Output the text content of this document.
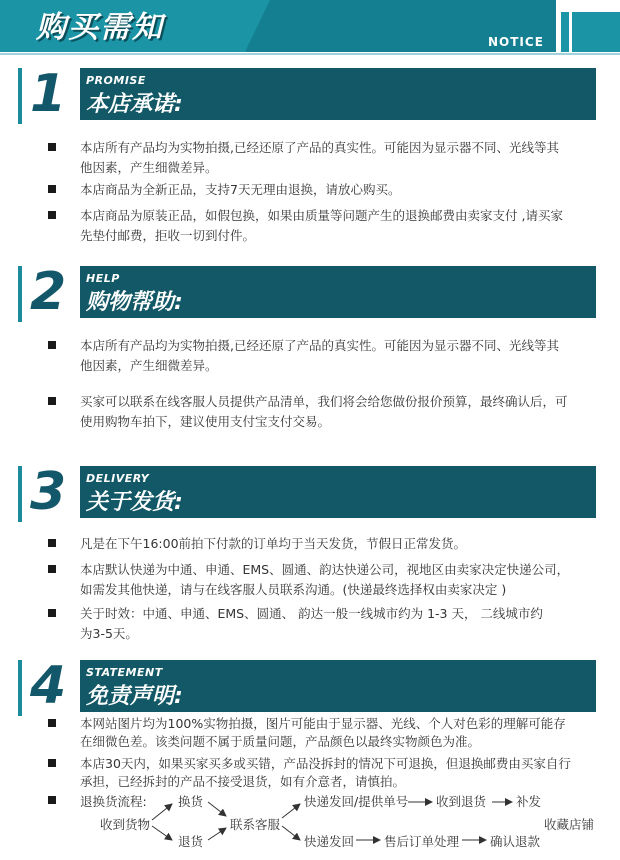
购买需知	NOTICE
1 PROMISE
本店承诺:
本店所有产品均为实物拍摄,已经还原了产品的真实性。可能因为显示器不同、光线等其
他因素，产生细微差异。
本店商品为全新正品，支持7天无理由退换，请放心购买。
本店商品为原装正品，如假包换，如果由质量等问题产生的退换邮费由卖家支付 ,请买家
先垫付邮费，拒收一切到付件。
2 HELP
购物帮助:
本店所有产品均为实物拍摄,已经还原了产品的真实性。可能因为显示器不同、光线等其
他因素，产生细微差异。
买家可以联系在线客服人员提供产品清单，我们将会给您做份报价预算，最终确认后，可
使用购物车拍下，建议使用支付宝支付交易。
3 DELIVERY
关于发货:
凡是在下午16:00前拍下付款的订单均于当天发货，节假日正常发货。
本店默认快递为中通、申通、EMS、圆通、韵达快递公司，视地区由卖家决定快递公司，
如需发其他快递，请与在线客服人员联系沟通。(快递最终选择权由卖家决定 )
关于时效：中通、申通、EMS、圆通、 韵达一般一线城市约为 1-3 天， 二线城市约
为3-5天。
4 STATEMENT
免责声明:
本网站图片均为100%实物拍摄，图片可能由于显示器、光线、个人对色彩的理解可能存
在细微色差。该类问题不属于质量问题，产品颜色以最终实物颜色为准。
本店30天内，如果买家买多或买错，产品没拆封的情况下可退换，但退换邮费由买家自行
承担，已经拆封的产品不接受退货，如有介意者，请慎拍。
退换货流程:
收到货物
换货
退货
联系客服
快递发回/提供单号 收到退货 补发
快递发回 售后订单处理 确认退款
收藏店铺
